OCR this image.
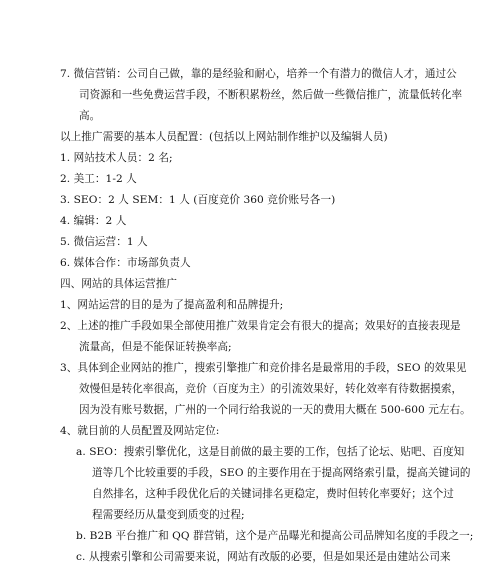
7. 微信营销：公司自己做，靠的是经验和耐心，培养一个有潜力的微信人才，通过公
司资源和一些免费运营手段，不断积累粉丝，然后做一些微信推广，流量低转化率
高。
以上推广需要的基本人员配置：(包括以上网站制作维护以及编辑人员)
1. 网站技术人员：2 名;
2. 美工：1-2 人
3. SEO：2 人 SEM：1 人 (百度竞价 360 竞价账号各一)
4. 编辑：2 人
5. 微信运营：1 人
6. 媒体合作：市场部负责人
四、网站的具体运营推广
1、网站运营的目的是为了提高盈利和品牌提升;
2、上述的推广手段如果全部使用推广效果肯定会有很大的提高；效果好的直接表现是
流量高，但是不能保证转换率高;
3、具体到企业网站的推广，搜索引擎推广和竞价排名是最常用的手段，SEO 的效果见
效慢但是转化率很高，竞价（百度为主）的引流效果好，转化效率有待数据摸索，
因为没有账号数据，广州的一个同行给我说的一天的费用大概在 500-600 元左右。
4、就目前的人员配置及网站定位:
a. SEO：搜索引擎优化，这是目前做的最主要的工作，包括了论坛、贴吧、百度知
道等几个比较重要的手段，SEO 的主要作用在于提高网络索引量，提高关键词的
自然排名，这种手段优化后的关键词排名更稳定，费时但转化率要好；这个过
程需要经历从量变到质变的过程;
b. B2B 平台推广和 QQ 群营销，这个是产品曝光和提高公司品牌知名度的手段之一;
c. 从搜索引擎和公司需要来说，网站有改版的必要，但是如果还是由建站公司来
